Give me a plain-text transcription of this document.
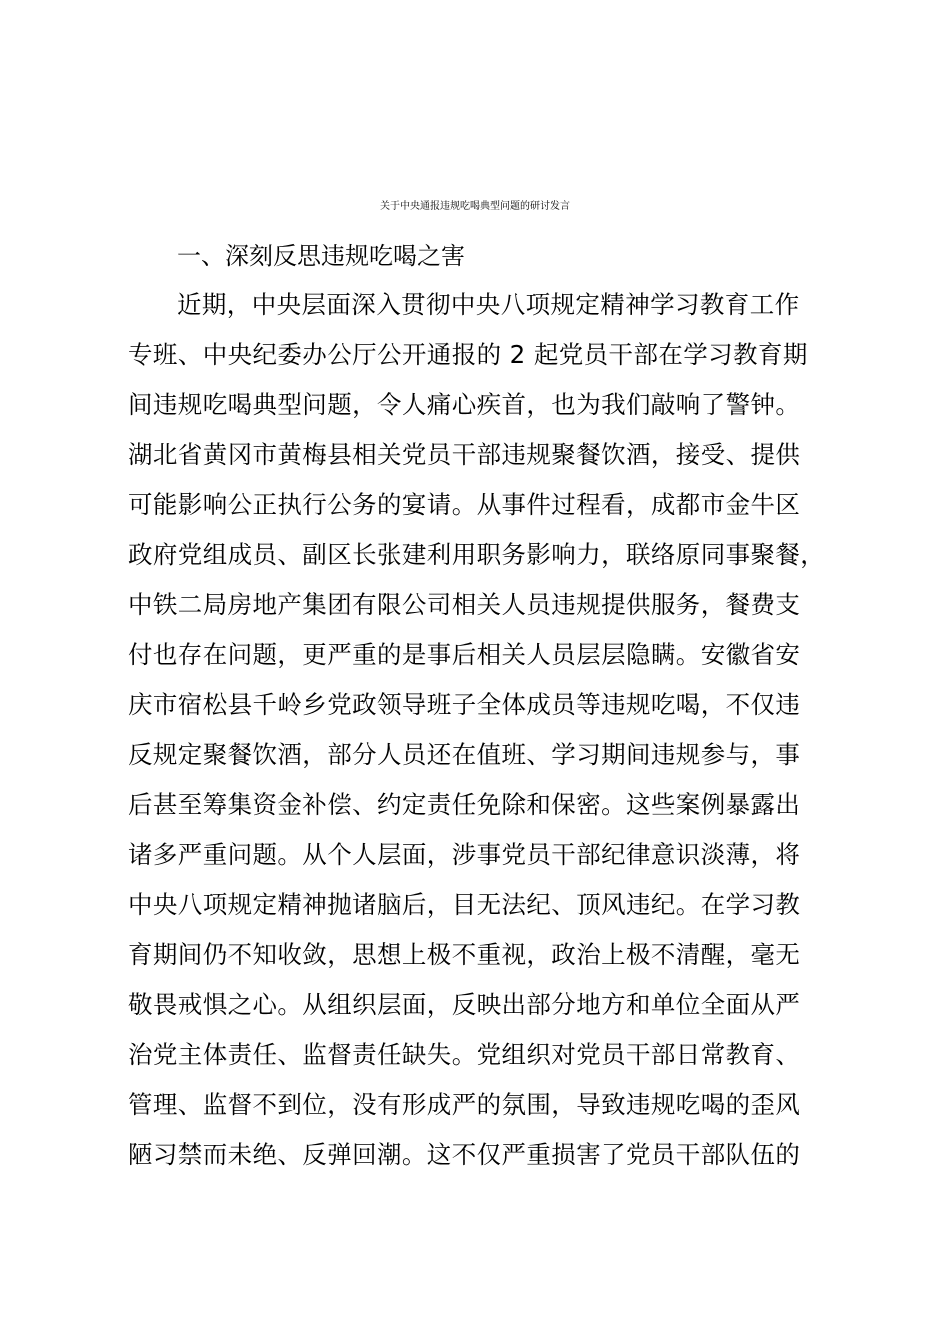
关于中央通报违规吃喝典型问题的研讨发言
一、深刻反思违规吃喝之害
近期，中央层面深入贯彻中央八项规定精神学习教育工作
专班、中央纪委办公厅公开通报的 2 起党员干部在学习教育期
间违规吃喝典型问题，令人痛心疾首，也为我们敲响了警钟。
湖北省黄冈市黄梅县相关党员干部违规聚餐饮酒，接受、提供
可能影响公正执行公务的宴请。从事件过程看，成都市金牛区
政府党组成员、副区长张建利用职务影响力，联络原同事聚餐，
中铁二局房地产集团有限公司相关人员违规提供服务，餐费支
付也存在问题，更严重的是事后相关人员层层隐瞒。安徽省安
庆市宿松县千岭乡党政领导班子全体成员等违规吃喝，不仅违
反规定聚餐饮酒，部分人员还在值班、学习期间违规参与，事
后甚至筹集资金补偿、约定责任免除和保密。这些案例暴露出
诸多严重问题。从个人层面，涉事党员干部纪律意识淡薄，将
中央八项规定精神抛诸脑后，目无法纪、顶风违纪。在学习教
育期间仍不知收敛，思想上极不重视，政治上极不清醒，毫无
敬畏戒惧之心。从组织层面，反映出部分地方和单位全面从严
治党主体责任、监督责任缺失。党组织对党员干部日常教育、
管理、监督不到位，没有形成严的氛围，导致违规吃喝的歪风
陋习禁而未绝、反弹回潮。这不仅严重损害了党员干部队伍的
